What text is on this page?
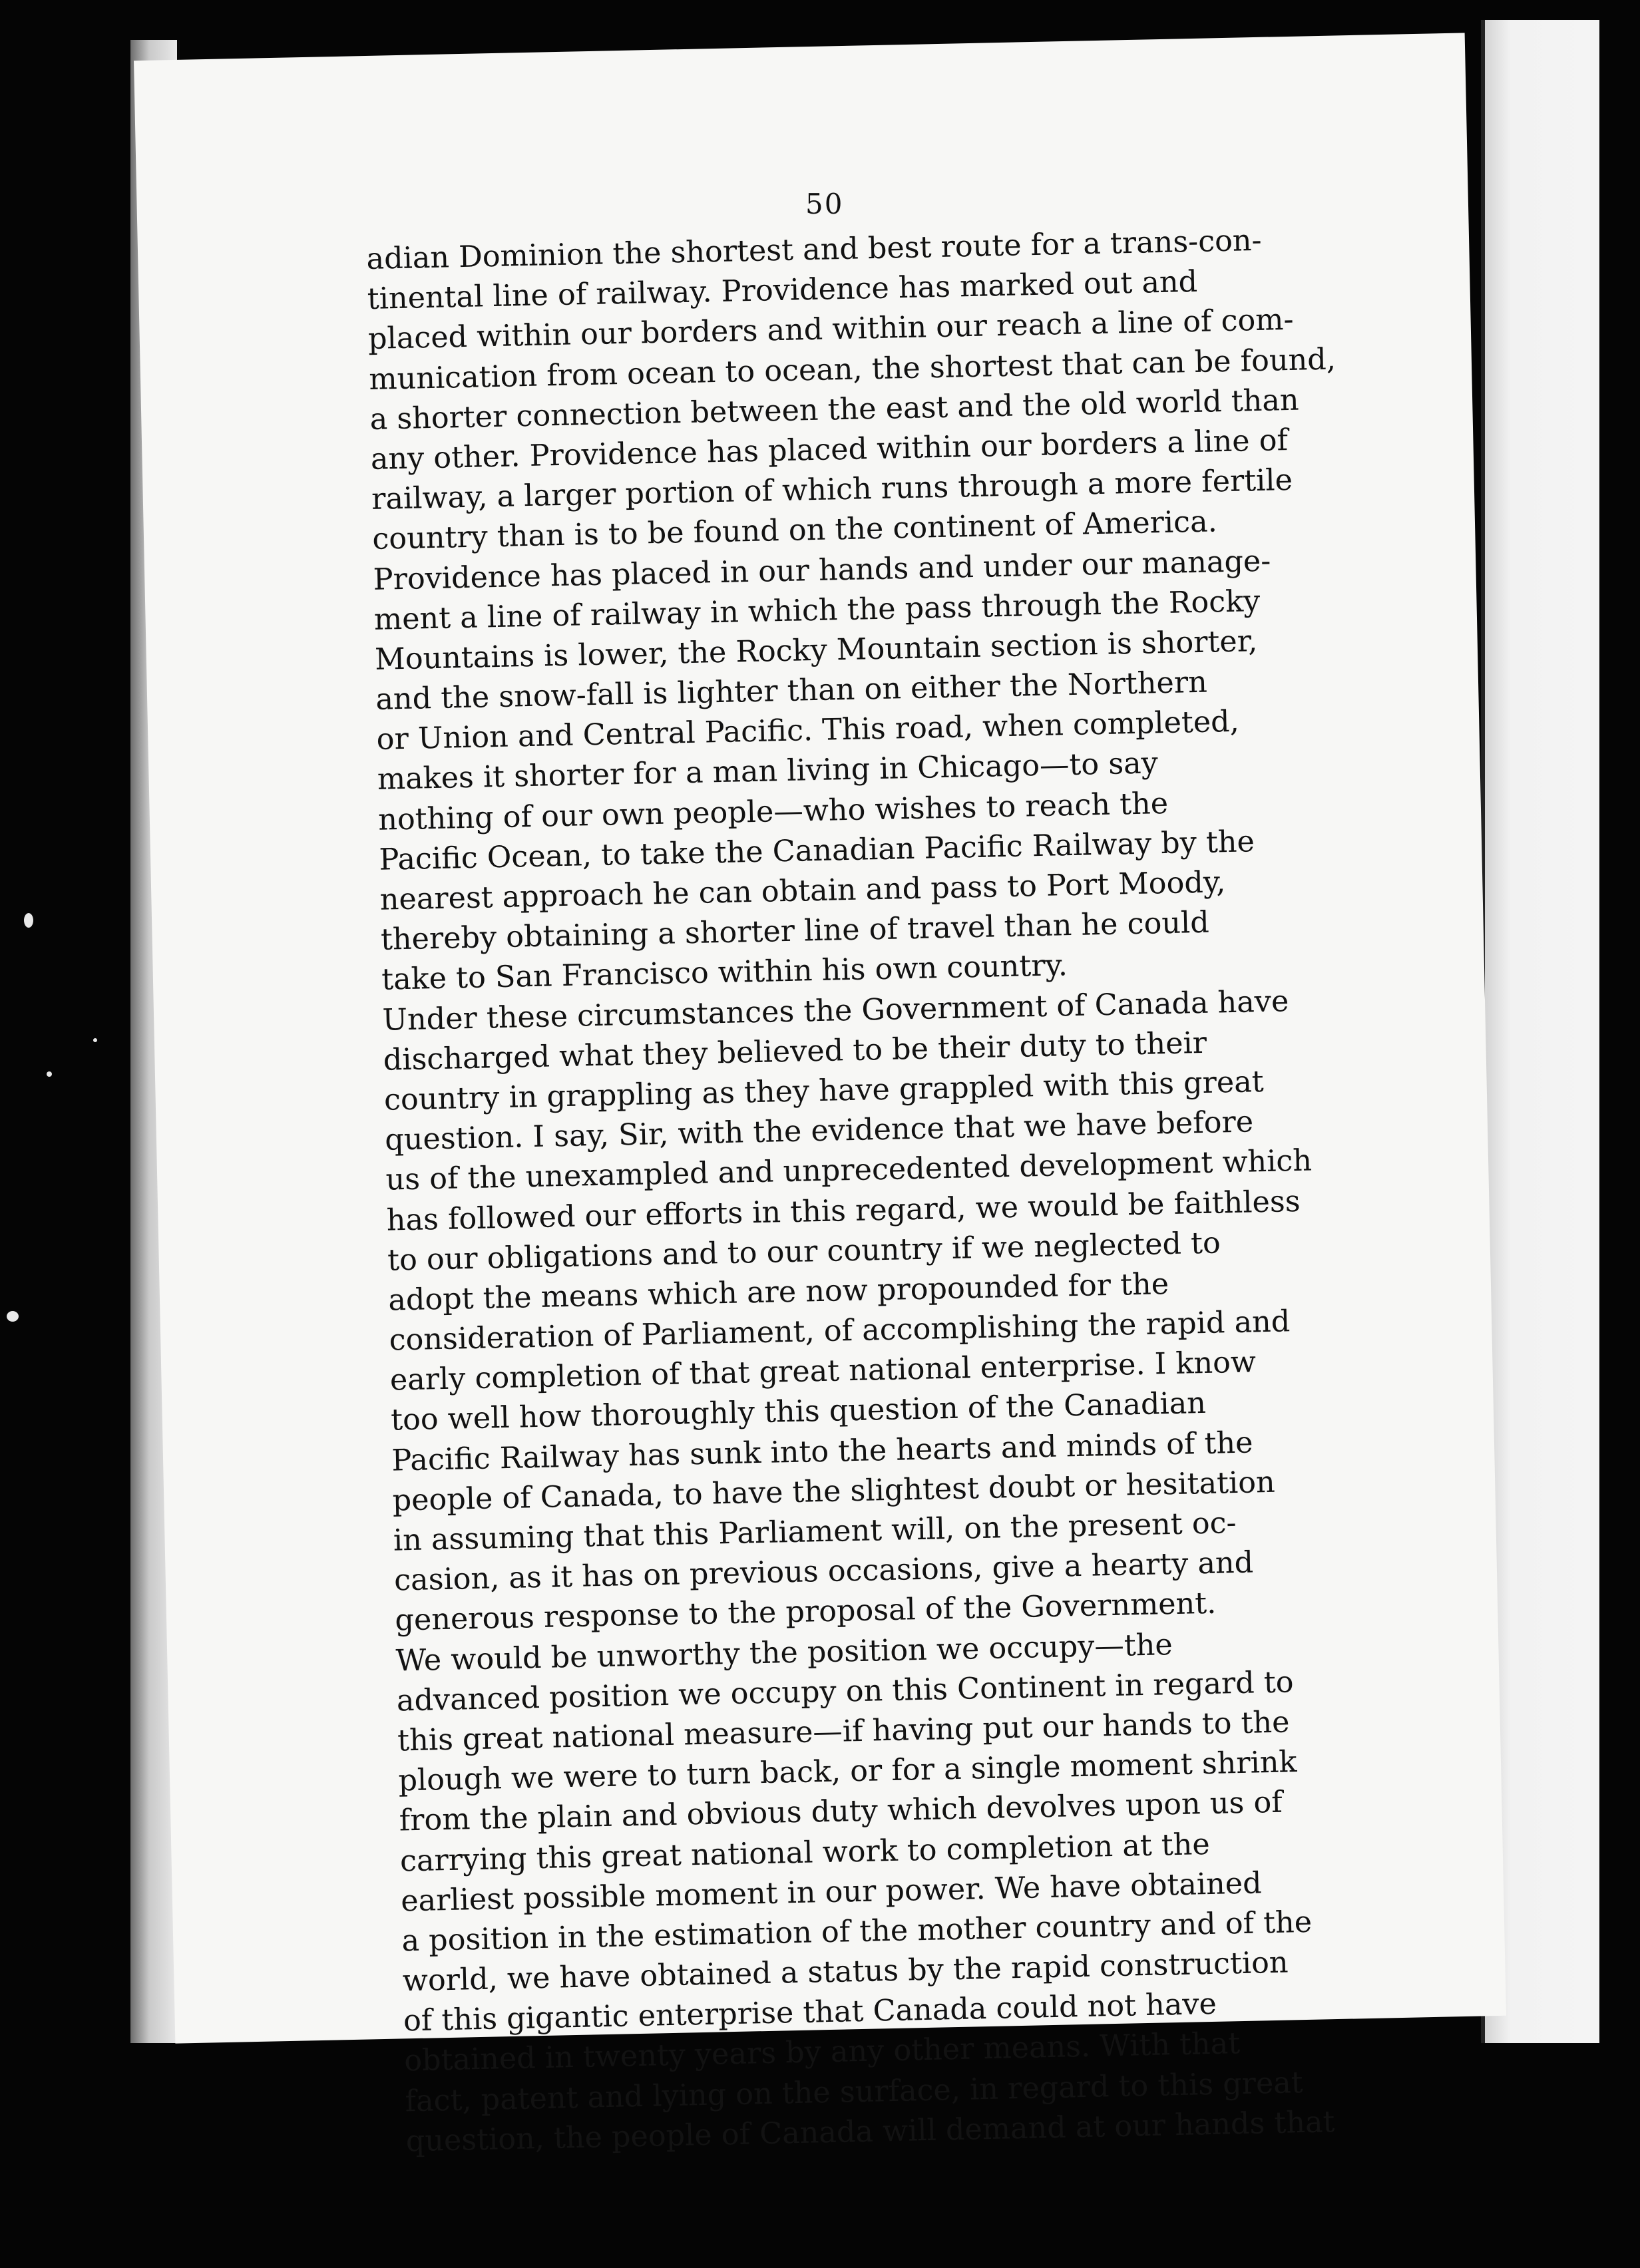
50
adian Dominion the shortest and best route for a trans-con-
tinental line of railway. Providence has marked out and
placed within our borders and within our reach a line of com-
munication from ocean to ocean, the shortest that can be found,
a shorter connection between the east and the old world than
any other. Providence has placed within our borders a line of
railway, a larger portion of which runs through a more fertile
country than is to be found on the continent of America.
Providence has placed in our hands and under our manage-
ment a line of railway in which the pass through the Rocky
Mountains is lower, the Rocky Mountain section is shorter,
and the snow-fall is lighter than on either the Northern
or Union and Central Pacific. This road, when completed,
makes it shorter for a man living in Chicago—to say
nothing of our own people—who wishes to reach the
Pacific Ocean, to take the Canadian Pacific Railway by the
nearest approach he can obtain and pass to Port Moody,
thereby obtaining a shorter line of travel than he could
take to San Francisco within his own country.
Under these circumstances the Government of Canada have
discharged what they believed to be their duty to their
country in grappling as they have grappled with this great
question. I say, Sir, with the evidence that we have before
us of the unexampled and unprecedented development which
has followed our efforts in this regard, we would be faithless
to our obligations and to our country if we neglected to
adopt the means which are now propounded for the
consideration of Parliament, of accomplishing the rapid and
early completion of that great national enterprise. I know
too well how thoroughly this question of the Canadian
Pacific Railway has sunk into the hearts and minds of the
people of Canada, to have the slightest doubt or hesitation
in assuming that this Parliament will, on the present oc-
casion, as it has on previous occasions, give a hearty and
generous response to the proposal of the Government.
We would be unworthy the position we occupy—the
advanced position we occupy on this Continent in regard to
this great national measure—if having put our hands to the
plough we were to turn back, or for a single moment shrink
from the plain and obvious duty which devolves upon us of
carrying this great national work to completion at the
earliest possible moment in our power. We have obtained
a position in the estimation of the mother country and of the
world, we have obtained a status by the rapid construction
of this gigantic enterprise that Canada could not have
obtained in twenty years by any other means. With that
fact, patent and lying on the surface, in regard to this great
question, the people of Canada will demand at our hands that
